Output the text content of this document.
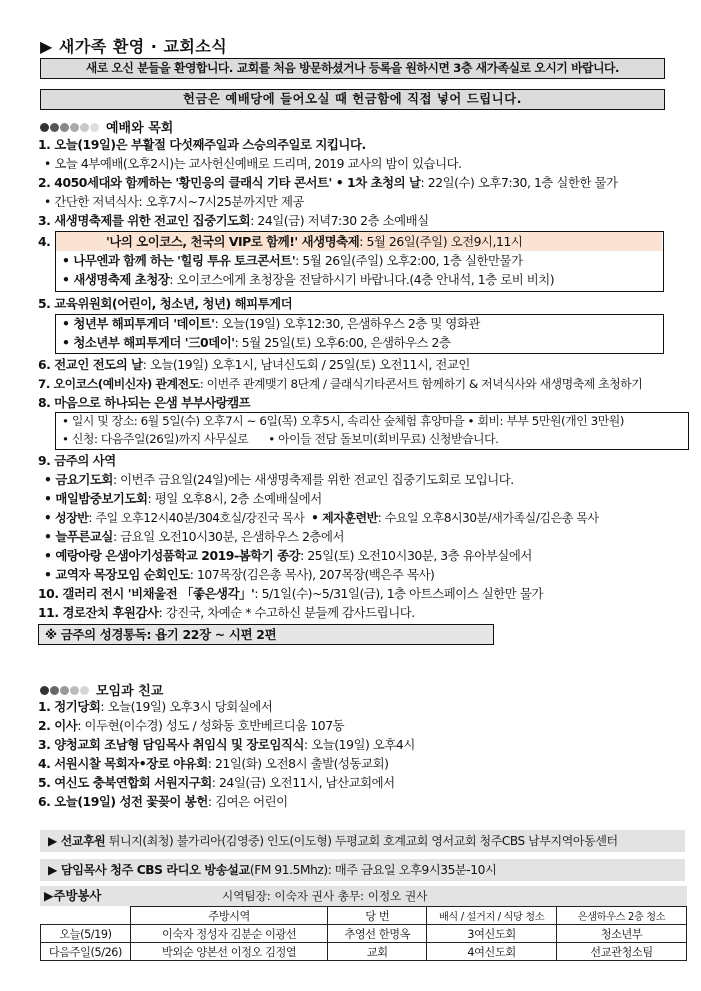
▶ 새가족 환영 · 교회소식
새로 오신 분들을 환영합니다. 교회를 처음 방문하셨거나 등록을 원하시면 3층 새가족실로 오시기 바랍니다.
헌금은 예배당에 들어오실 때 헌금함에 직접 넣어 드립니다.
예배와 목회
1. 오늘(19일)은 부활절 다섯째주일과 스승의주일로 지킵니다.
• 오늘 4부예배(오후2시)는 교사헌신예배로 드리며, 2019 교사의 밤이 있습니다.
2. 4050세대와 함께하는 '황민응의 클래식 기타 콘서트' • 1차 초청의 날: 22일(수) 오후7:30, 1층 실한한 물가
• 간단한 저녁식사: 오후7시~7시25분까지만 제공
3. 새생명축제를 위한 전교인 집중기도회: 24일(금) 저녁7:30 2층 소예배실
4.	'나의 오이코스, 천국의 VIP로 함께!' 새생명축제: 5월 26일(주일) 오전9시,11시
• 나무엔과 함께 하는 '힐링 투유 토크콘서트': 5월 26일(주일) 오후2:00, 1층 실한만물가
• 새생명축제 초청장: 오이코스에게 초청장을 전달하시기 바랍니다.(4층 안내석, 1층 로비 비치)
5. 교육위원회(어린이, 청소년, 청년) 해피투게더
• 청년부 해피투게더 '데이트': 오늘(19일) 오후12:30, 은샘하우스 2층 및 영화관
• 청소년부 해피투게더 '三0데이': 5월 25일(토) 오후6:00, 은샘하우스 2층
6. 전교인 전도의 날: 오늘(19일) 오후1시, 남녀신도회 / 25일(토) 오전11시, 전교인
7. 오이코스(예비신자) 관계전도: 이번주 관계맺기 8단계 / 클래식기타콘서트 함께하기 & 저녁식사와 새생명축제 초청하기
8. 마음으로 하나되는 은샘 부부사랑캠프
• 일시 및 장소: 6월 5일(수) 오후7시 ~ 6일(목) 오후5시, 속리산 숲체험 휴양마을 • 회비: 부부 5만원(개인 3만원)
• 신청: 다음주일(26일)까지 사무실로 • 아이들 전담 돌보미(회비무료) 신청받습니다.
9. 금주의 사역
• 금요기도회: 이번주 금요일(24일)에는 새생명축제를 위한 전교인 집중기도회로 모입니다.
• 매일밤중보기도회: 평일 오후8시, 2층 소예배실에서
• 성장반: 주일 오후12시40분/304호실/강진국 목사 • 제자훈련반: 수요일 오후8시30분/새가족실/김은총 목사
• 늘푸른교실: 금요일 오전10시30분, 은샘하우스 2층에서
• 예랑아랑 은샘아기성품학교 2019-봄학기 종강: 25일(토) 오전10시30분, 3층 유아부실에서
• 교역자 목장모임 순회인도: 107목장(김은총 목사), 207목장(백은주 목사)
10. 갤러리 전시 '비채울전 「좋은생각」': 5/1일(수)~5/31일(금), 1층 아트스페이스 실한만 물가
11. 경로잔치 후원감사: 강진국, 차예순 * 수고하신 분들께 감사드립니다.
※ 금주의 성경통독: 욥기 22장 ~ 시편 2편
모임과 친교
1. 정기당회: 오늘(19일) 오후3시 당회실에서
2. 이사: 이두현(이수경) 성도 / 성화동 호반베르디움 107동
3. 양청교회 조남형 담임목사 취임식 및 장로임직식: 오늘(19일) 오후4시
4. 서원시찰 목회자•장로 야유회: 21일(화) 오전8시 출발(성동교회)
5. 여신도 충북연합회 서원지구회: 24일(금) 오전11시, 남산교회에서
6. 오늘(19일) 성전 꽃꽂이 봉헌: 김여은 어린이
▶ 선교후원 튀니지(최청) 불가리아(김영중) 인도(이도형) 두평교회 호계교회 영서교회 청주CBS 남부지역아동센터
▶ 담임목사 청주 CBS 라디오 방송설교(FM 91.5Mhz): 매주 금요일 오후9시35분-10시
▶주방봉사	시역팀장: 이숙자 권사 총무: 이정오 권사
	주방시역	당 번	배식 / 설거지 / 식당 청소	은샘하우스 2층 청소
오늘(5/19)	이숙자 정성자 김분순 이광선	추영선 한명옥	3여신도회	청소년부
다음주일(5/26)	박외순 양본선 이정오 김정열	교회	4여신도회	선교관청소팀
